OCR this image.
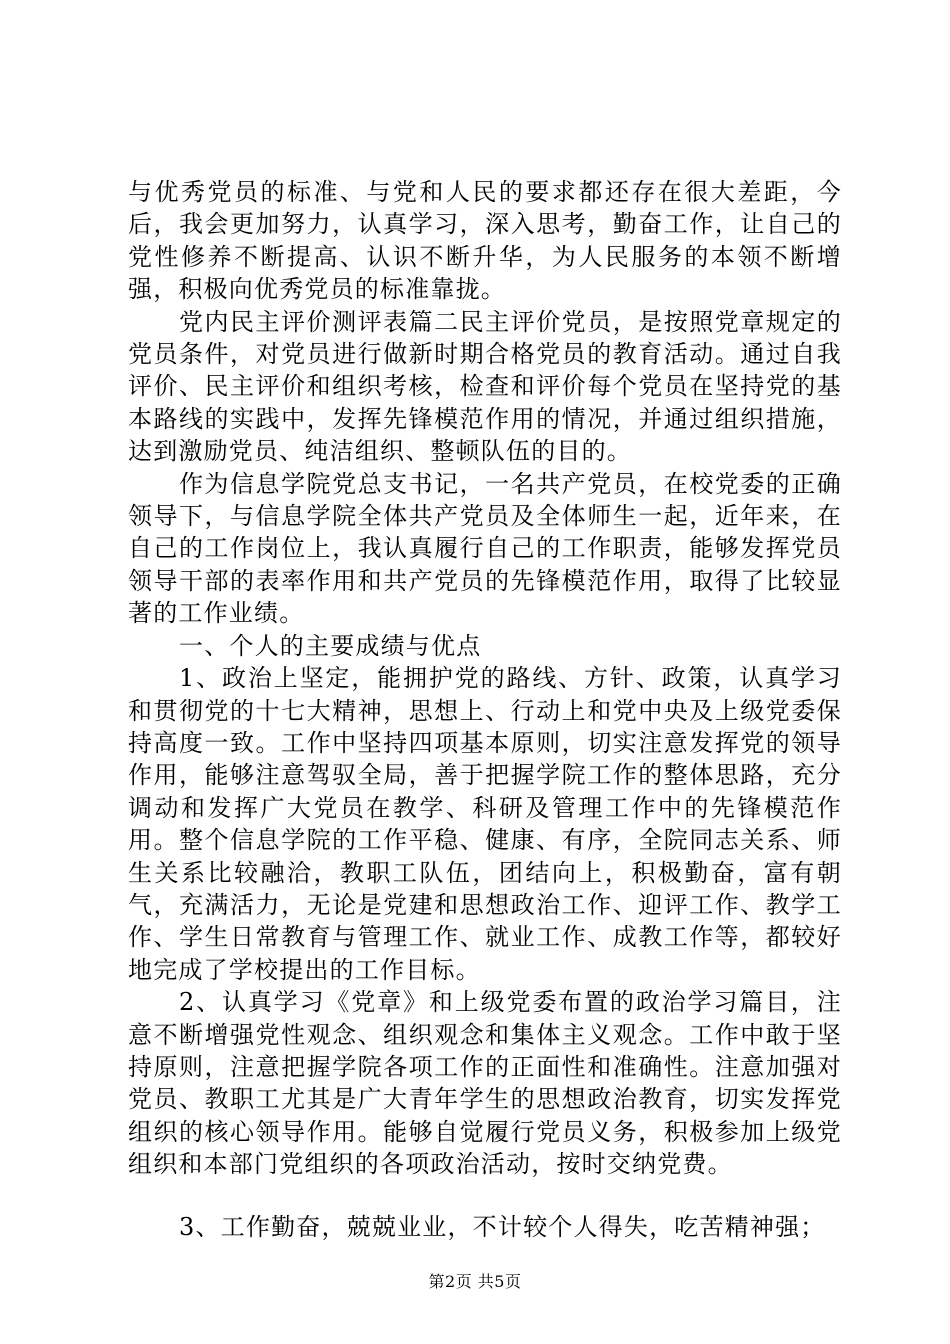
与优秀党员的标准、与党和人民的要求都还存在很大差距，今后，我会更加努力，认真学习，深入思考，勤奋工作，让自己的党性修养不断提高、认识不断升华，为人民服务的本领不断增强，积极向优秀党员的标准靠拢。

党内民主评价测评表篇二民主评价党员，是按照党章规定的党员条件，对党员进行做新时期合格党员的教育活动。通过自我评价、民主评价和组织考核，检查和评价每个党员在坚持党的基本路线的实践中，发挥先锋模范作用的情况，并通过组织措施，达到激励党员、纯洁组织、整顿队伍的目的。

作为信息学院党总支书记，一名共产党员，在校党委的正确领导下，与信息学院全体共产党员及全体师生一起，近年来，在自己的工作岗位上，我认真履行自己的工作职责，能够发挥党员领导干部的表率作用和共产党员的先锋模范作用，取得了比较显著的工作业绩。

一、个人的主要成绩与优点

1、政治上坚定，能拥护党的路线、方针、政策，认真学习和贯彻党的十七大精神，思想上、行动上和党中央及上级党委保持高度一致。工作中坚持四项基本原则，切实注意发挥党的领导作用，能够注意驾驭全局，善于把握学院工作的整体思路，充分调动和发挥广大党员在教学、科研及管理工作中的先锋模范作用。整个信息学院的工作平稳、健康、有序，全院同志关系、师生关系比较融洽，教职工队伍，团结向上，积极勤奋，富有朝气，充满活力，无论是党建和思想政治工作、迎评工作、教学工作、学生日常教育与管理工作、就业工作、成教工作等，都较好地完成了学校提出的工作目标。

2、认真学习《党章》和上级党委布置的政治学习篇目，注意不断增强党性观念、组织观念和集体主义观念。工作中敢于坚持原则，注意把握学院各项工作的正面性和准确性。注意加强对党员、教职工尤其是广大青年学生的思想政治教育，切实发挥党组织的核心领导作用。能够自觉履行党员义务，积极参加上级党组织和本部门党组织的各项政治活动，按时交纳党费。

3、工作勤奋，兢兢业业，不计较个人得失，吃苦精神强；

第2页 共5页
